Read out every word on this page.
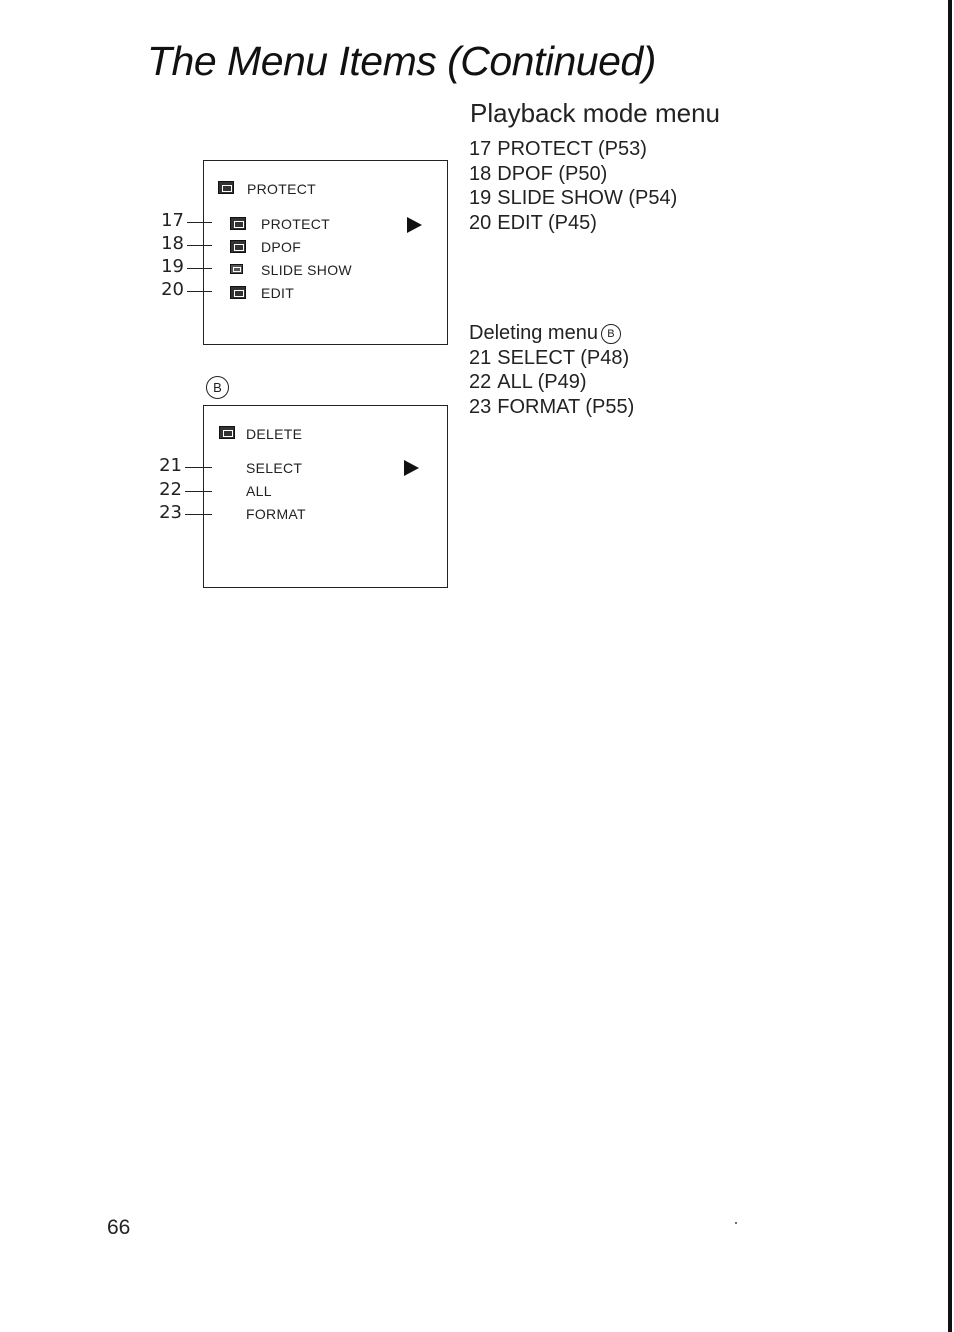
The Menu Items (Continued)
Playback mode menu
17 PROTECT (P53)
18 DPOF (P50)
19 SLIDE SHOW (P54)
20 EDIT (P45)
Deleting menu B
21 SELECT (P48)
22 ALL (P49)
23 FORMAT (P55)
PROTECT
PROTECT
DPOF
SLIDE SHOW
EDIT
17
18
19
20
B
DELETE
SELECT
ALL
FORMAT
21
22
23
66
